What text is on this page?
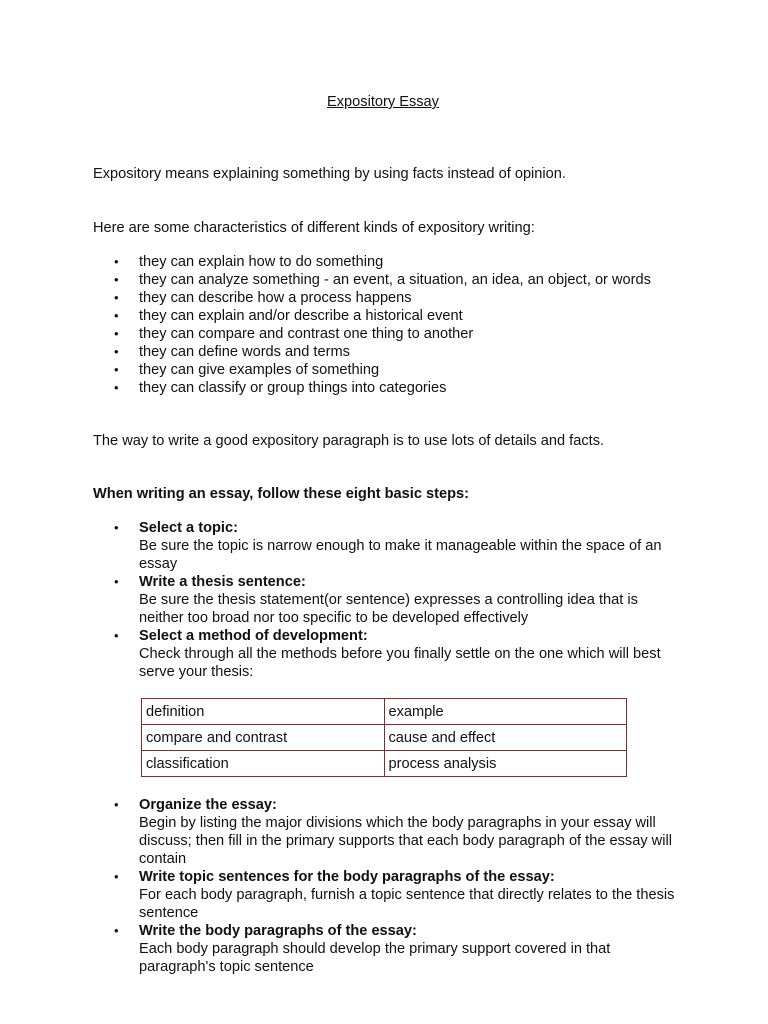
Expository Essay

Expository means explaining something by using facts instead of opinion.

Here are some characteristics of different kinds of expository writing:

• they can explain how to do something
• they can analyze something - an event, a situation, an idea, an object, or words
• they can describe how a process happens
• they can explain and/or describe a historical event
• they can compare and contrast one thing to another
• they can define words and terms
• they can give examples of something
• they can classify or group things into categories

The way to write a good expository paragraph is to use lots of details and facts.

When writing an essay, follow these eight basic steps:

• Select a topic:
Be sure the topic is narrow enough to make it manageable within the space of an essay
• Write a thesis sentence:
Be sure the thesis statement(or sentence) expresses a controlling idea that is neither too broad nor too specific to be developed effectively
• Select a method of development:
Check through all the methods before you finally settle on the one which will best serve your thesis:
definition	example
compare and contrast	cause and effect
classification	process analysis
• Organize the essay:
Begin by listing the major divisions which the body paragraphs in your essay will discuss; then fill in the primary supports that each body paragraph of the essay will contain
• Write topic sentences for the body paragraphs of the essay:
For each body paragraph, furnish a topic sentence that directly relates to the thesis sentence
• Write the body paragraphs of the essay:
Each body paragraph should develop the primary support covered in that paragraph's topic sentence
